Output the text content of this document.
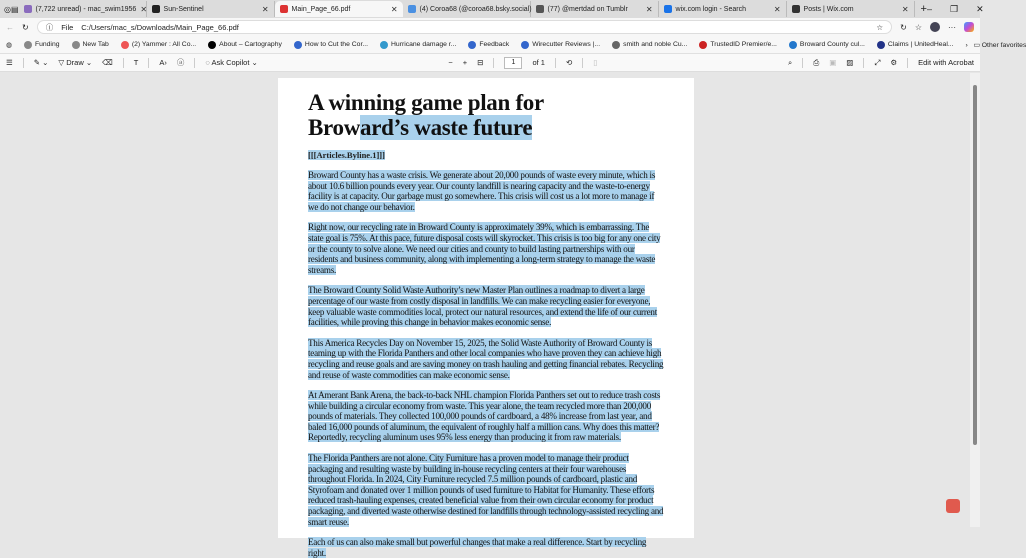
◎ ▤ (7,722 unread) - mac_swim1956 ✕ Sun-Sentinel	✕	Main_Page_66.pdf	✕	(4) Coroa68 (@coroa68.bsky.social) (77) @mertdad on Tumblr	✕	wix.com login - Search	✕	Posts | Wix.com	✕ + – ❐ ✕
← ↻ ⓘ File C:/Users/mac_s/Downloads/Main_Page_66.pdf	☆ ↻ ☆	···
◍	Funding	New Tab	(2) Yammer : All Co...	About – Cartography	How to Cut the Cor...	Hurricane damage r...	Feedback	Wirecutter Reviews |...	smith and noble Cu...	TrustedID Premier/e...	Broward County cul...	Claims | UnitedHeal... ›   ▭ Other favorites
☰	✎ ⌄ ▽ Draw ⌄ ⌫	T	A› ⓐ	◌ Ask Copilot ⌄	− + ⊟	1	of 1	⟲	▯	⌕	⎙ ▣ ▨	⤢ ⚙	Edit with Acrobat
A winning game plan for
Broward’s waste future
[[[Articles.Byline.1]]]
Broward County has a waste crisis. We generate about 20,000 pounds of waste every minute, which is about 10.6 billion pounds every year. Our county landfill is nearing capacity and the waste-to-energy facility is at capacity. Our garbage must go somewhere. This crisis will cost us a lot more to manage if we do not change our behavior.
Right now, our recycling rate in Broward County is approximately 39%, which is embarrassing. The state goal is 75%. At this pace, future disposal costs will skyrocket. This crisis is too big for any one city or the county to solve alone. We need our cities and county to build lasting partnerships with our residents and business community, along with implementing a long-term strategy to manage the waste streams.
The Broward County Solid Waste Authority’s new Master Plan outlines a roadmap to divert a large percentage of our waste from costly disposal in landfills. We can make recycling easier for everyone, keep valuable waste commodities local, protect our natural resources, and extend the life of our current facilities, while proving this change in behavior makes economic sense.
This America Recycles Day on November 15, 2025, the Solid Waste Authority of Broward County is teaming up with the Florida Panthers and other local companies who have proven they can achieve high recycling and reuse goals and are saving money on trash hauling and getting financial rebates. Recycling and reuse of waste commodities can make economic sense.
At Amerant Bank Arena, the back-to-back NHL champion Florida Panthers set out to reduce trash costs while building a circular economy from waste. This year alone, the team recycled more than 200,000 pounds of materials. They collected 100,000 pounds of cardboard, a 48% increase from last year, and baled 16,000 pounds of aluminum, the equivalent of roughly half a million cans. Why does this matter? Reportedly, recycling aluminum uses 95% less energy than producing it from raw materials.
The Florida Panthers are not alone. City Furniture has a proven model to manage their product packaging and resulting waste by building in-house recycling centers at their four warehouses throughout Florida. In 2024, City Furniture recycled 7.5 million pounds of cardboard, plastic and Styrofoam and donated over 1 million pounds of used furniture to Habitat for Humanity. These efforts reduced trash-hauling expenses, created beneficial value from their own circular economy for product packaging, and diverted waste otherwise destined for landfills through technology-assisted recycling and smart reuse.
Each of us can also make small but powerful changes that make a real difference. Start by recycling right.
